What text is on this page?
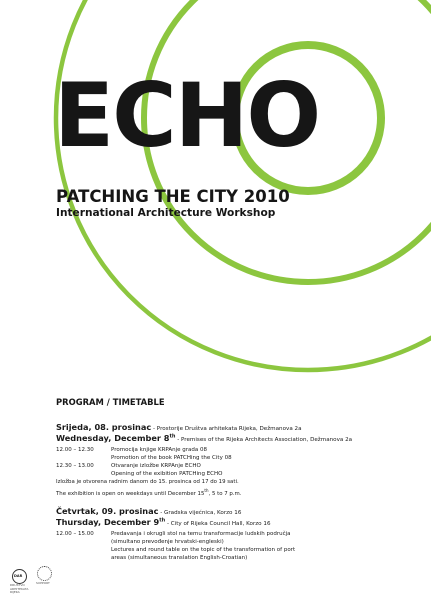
ECHO
PATCHING THE CITY 2010
International Architecture Workshop
PROGRAM / TIMETABLE
Srijeda, 08. prosinac - Prostorije Društva arhitekata Rijeka, Dežmanova 2a
Wednesday, December 8th - Premises of the Rijeka Architects Association, Dežmanova 2a
12.00 – 12.30	Promocija knjige KRPAnje grada 08
Promotion of the book PATCHing the City 08
12.30 – 13.00	Otvaranje izložbe KRPAnje ECHO
Opening of the exibition PATCHing ECHO
Izložba je otvorena radnim danom do 15. prosinca od 17 do 19 sati.
The exhibition is open on weekdays until December 15th, 5 to 7 p.m.
Četvrtak, 09. prosinac - Gradska vijećnica, Korzo 16
Thursday, December 9th - City of Rijeka Council Hall, Korzo 16
12.00 – 15.00	Predavanja i okrugli stol na temu transformacije ludskih područja
(simultano prevođenje hrvatski-engleski)
Lectures and round table on the topic of the transformation of port
areas (simultaneous translation English-Croatian)
DAR
DRUŠTVO
ARHITEKATA
RIJEKA
SUPPORT
